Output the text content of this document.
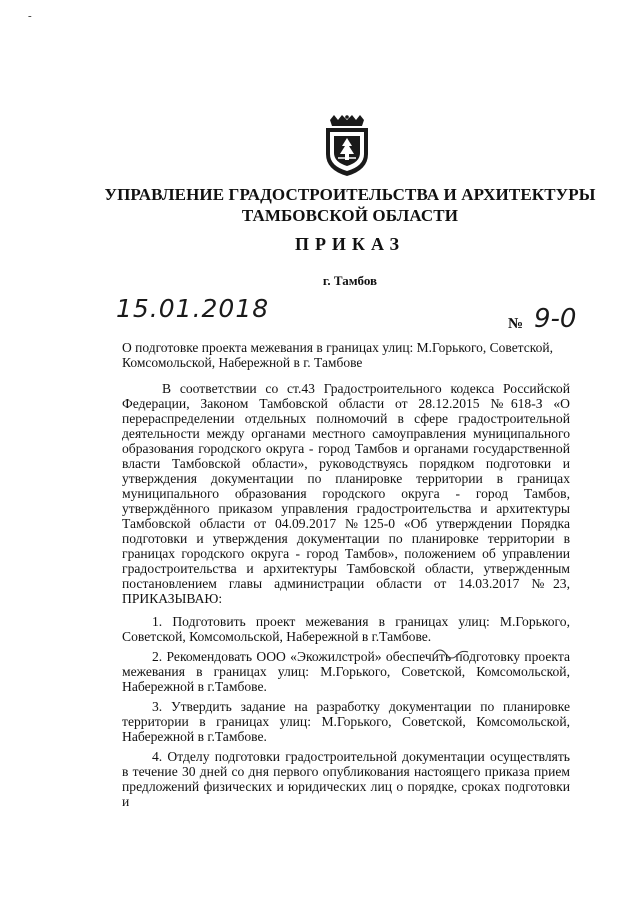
-
УПРАВЛЕНИЕ ГРАДОСТРОИТЕЛЬСТВА И АРХИТЕКТУРЫ
ТАМБОВСКОЙ ОБЛАСТИ
ПРИКАЗ
г. Тамбов
15.01.2018
№ 9-0
О подготовке проекта межевания в границах улиц: М.Горького, Советской, Комсомольской, Набережной в г. Тамбове
В соответствии со ст.43 Градостроительного кодекса Российской Федерации, Законом Тамбовской области от 28.12.2015 №618-З «О перераспределении отдельных полномочий в сфере градостроительной деятельности между органами местного самоуправления муниципального образования городского округа - город Тамбов и органами государственной власти Тамбовской области», руководствуясь порядком подготовки и утверждения документации по планировке территории в границах муниципального образования городского округа - город Тамбов, утверждённого приказом управления градостроительства и архитектуры Тамбовской области от 04.09.2017 №125-0 «Об утверждении Порядка подготовки и утверждения документации по планировке территории в границах городского округа - город Тамбов», положением об управлении градостроительства и архитектуры Тамбовской области, утвержденным постановлением главы администрации области от 14.03.2017 №23, ПРИКАЗЫВАЮ:

1. Подготовить проект межевания в границах улиц: М.Горького, Советской, Комсомольской, Набережной в г.Тамбове.

2. Рекомендовать ООО «Экожилстрой» обеспечить подготовку проекта межевания в границах улиц: М.Горького, Советской, Комсомольской, Набережной в г.Тамбове.

3. Утвердить задание на разработку документации по планировке территории в границах улиц: М.Горького, Советской, Комсомольской, Набережной в г.Тамбове.

4. Отделу подготовки градостроительной документации осуществлять в течение 30 дней со дня первого опубликования настоящего приказа прием предложений физических и юридических лиц о порядке, сроках подготовки и
